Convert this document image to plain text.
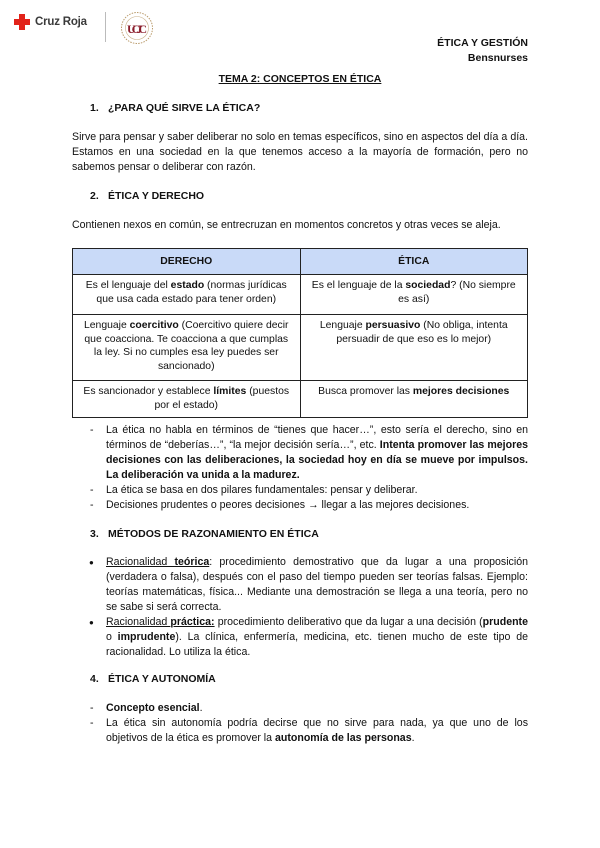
Cruz Roja	UCJC
ÉTICA Y GESTIÓN
Bensnurses
TEMA 2: CONCEPTOS EN ÉTICA
1. ¿PARA QUÉ SIRVE LA ÉTICA?

Sirve para pensar y saber deliberar no solo en temas específicos, sino en aspectos del día a día. Estamos en una sociedad en la que tenemos acceso a la mayoría de formación, pero no sabemos pensar o deliberar con razón.

2. ÉTICA Y DERECHO

Contienen nexos en común, se entrecruzan en momentos concretos y otras veces se aleja.

DERECHO	ÉTICA
Es el lenguaje del estado (normas jurídicas que usa cada estado para tener orden)	Es el lenguaje de la sociedad? (No siempre es así)
Lenguaje coercitivo (Coercitivo quiere decir que coacciona. Te coacciona a que cumplas la ley. Si no cumples esa ley puedes ser sancionado)	Lenguaje persuasivo (No obliga, intenta persuadir de que eso es lo mejor)
Es sancionador y establece límites (puestos por el estado)	Busca promover las mejores decisiones
- La ética no habla en términos de “tienes que hacer…”, esto sería el derecho, sino en términos de “deberías…”, “la mejor decisión sería…”, etc. Intenta promover las mejores decisiones con las deliberaciones, la sociedad hoy en día se mueve por impulsos. La deliberación va unida a la madurez.
- La ética se basa en dos pilares fundamentales: pensar y deliberar.
- Decisiones prudentes o peores decisiones → llegar a las mejores decisiones.
3. MÉTODOS DE RAZONAMIENTO EN ÉTICA
● Racionalidad teórica: procedimiento demostrativo que da lugar a una proposición (verdadera o falsa), después con el paso del tiempo pueden ser teorías falsas. Ejemplo: teorías matemáticas, física... Mediante una demostración se llega a una teoría, pero no se sabe si será correcta.
● Racionalidad práctica: procedimiento deliberativo que da lugar a una decisión (prudente o imprudente). La clínica, enfermería, medicina, etc. tienen mucho de este tipo de racionalidad. Lo utiliza la ética.
4. ÉTICA Y AUTONOMÍA
- Concepto esencial.
- La ética sin autonomía podría decirse que no sirve para nada, ya que uno de los objetivos de la ética es promover la autonomía de las personas.
